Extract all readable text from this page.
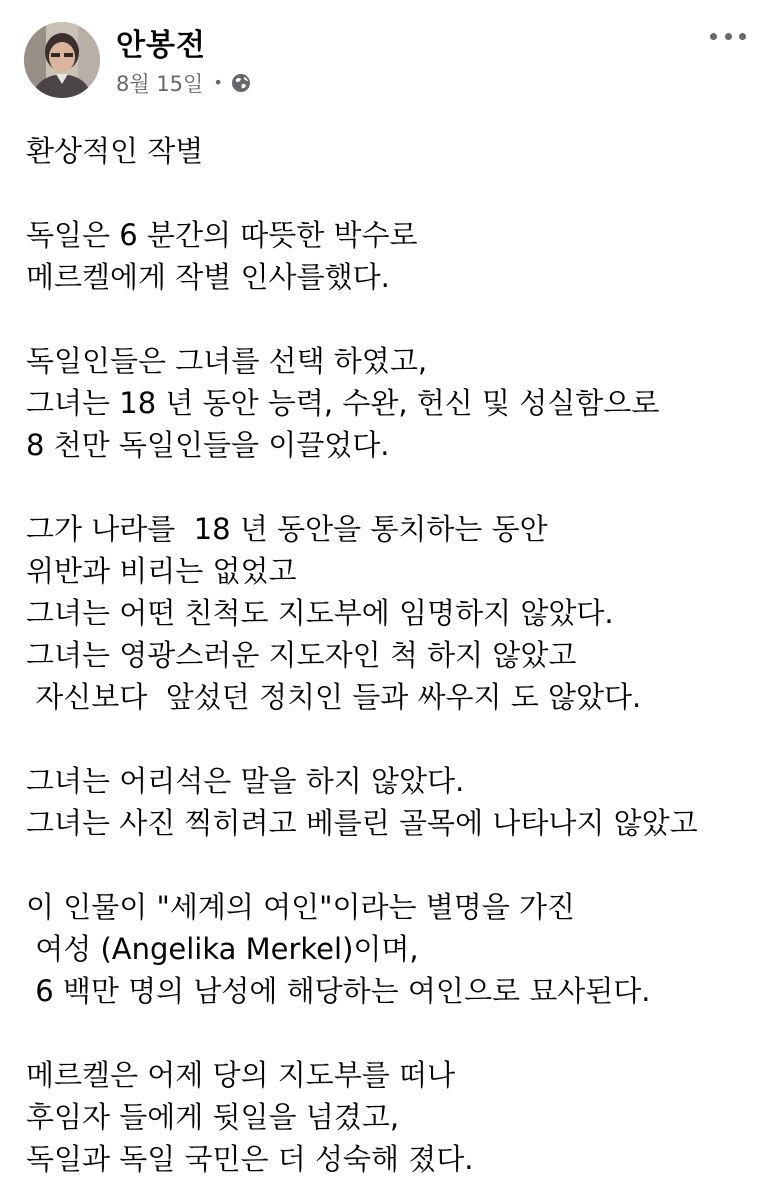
안봉전
8월 15일 •
환상적인 작별
독일은 6 분간의 따뜻한 박수로
메르켈에게 작별 인사를했다.
독일인들은 그녀를 선택 하였고,
그녀는 18 년 동안 능력, 수완, 헌신 및 성실함으로
8 천만 독일인들을 이끌었다.
그가 나라를  18 년 동안을 통치하는 동안
위반과 비리는 없었고
그녀는 어떤 친척도 지도부에 임명하지 않았다.
그녀는 영광스러운 지도자인 척 하지 않았고
자신보다  앞섰던 정치인 들과 싸우지 도 않았다.
그녀는 어리석은 말을 하지 않았다.
그녀는 사진 찍히려고 베를린 골목에 나타나지 않았고
이 인물이 "세계의 여인"이라는 별명을 가진
여성 (Angelika Merkel)이며,
6 백만 명의 남성에 해당하는 여인으로 묘사된다.
메르켈은 어제 당의 지도부를 떠나
후임자 들에게 뒷일을 넘겼고,
독일과 독일 국민은 더 성숙해 졌다.
